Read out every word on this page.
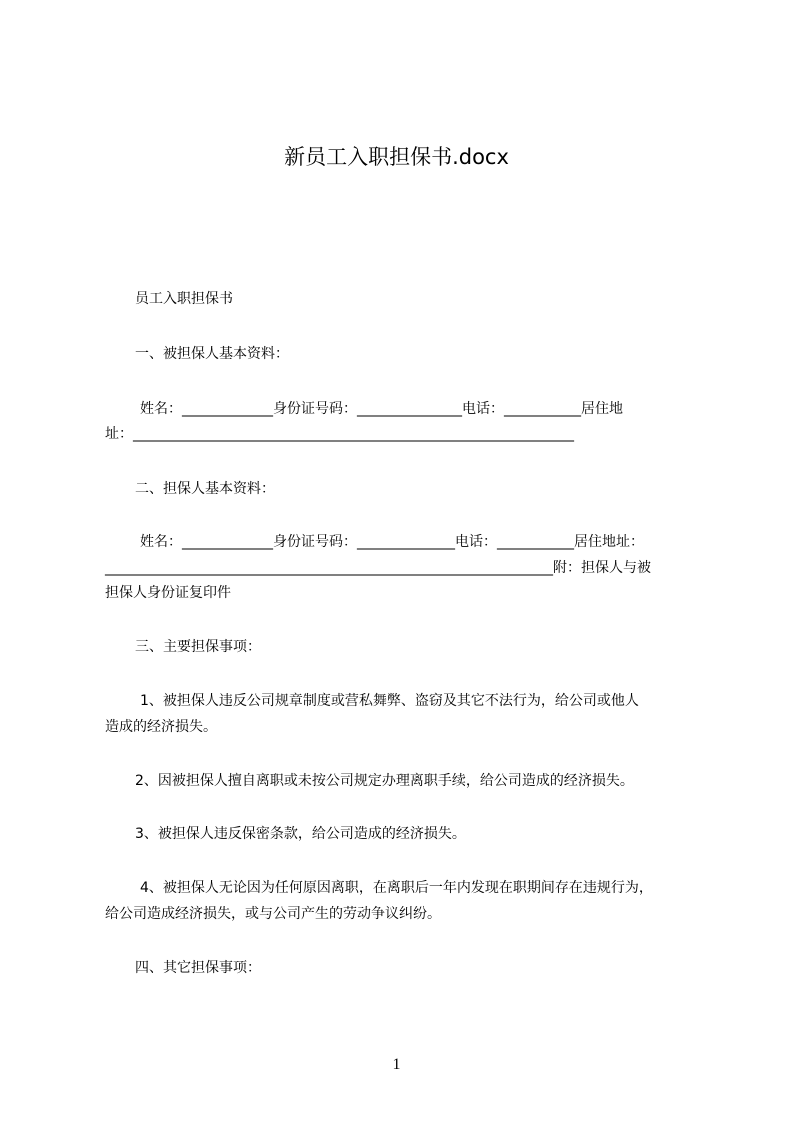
新员工入职担保书.docx
员工入职担保书
一、被担保人基本资料：
姓名：_____________身份证号码：_______________电话：___________居住地
址：_______________________________________________________________
二、担保人基本资料：
姓名：_____________身份证号码：______________电话：___________居住地址：
________________________________________________________________附：担保人与被
担保人身份证复印件
三、主要担保事项：
1、被担保人违反公司规章制度或营私舞弊、盗窃及其它不法行为，给公司或他人
造成的经济损失。
2、因被担保人擅自离职或未按公司规定办理离职手续，给公司造成的经济损失。
3、被担保人违反保密条款，给公司造成的经济损失。
4、被担保人无论因为任何原因离职，在离职后一年内发现在职期间存在违规行为，
给公司造成经济损失，或与公司产生的劳动争议纠纷。
四、其它担保事项：
1
